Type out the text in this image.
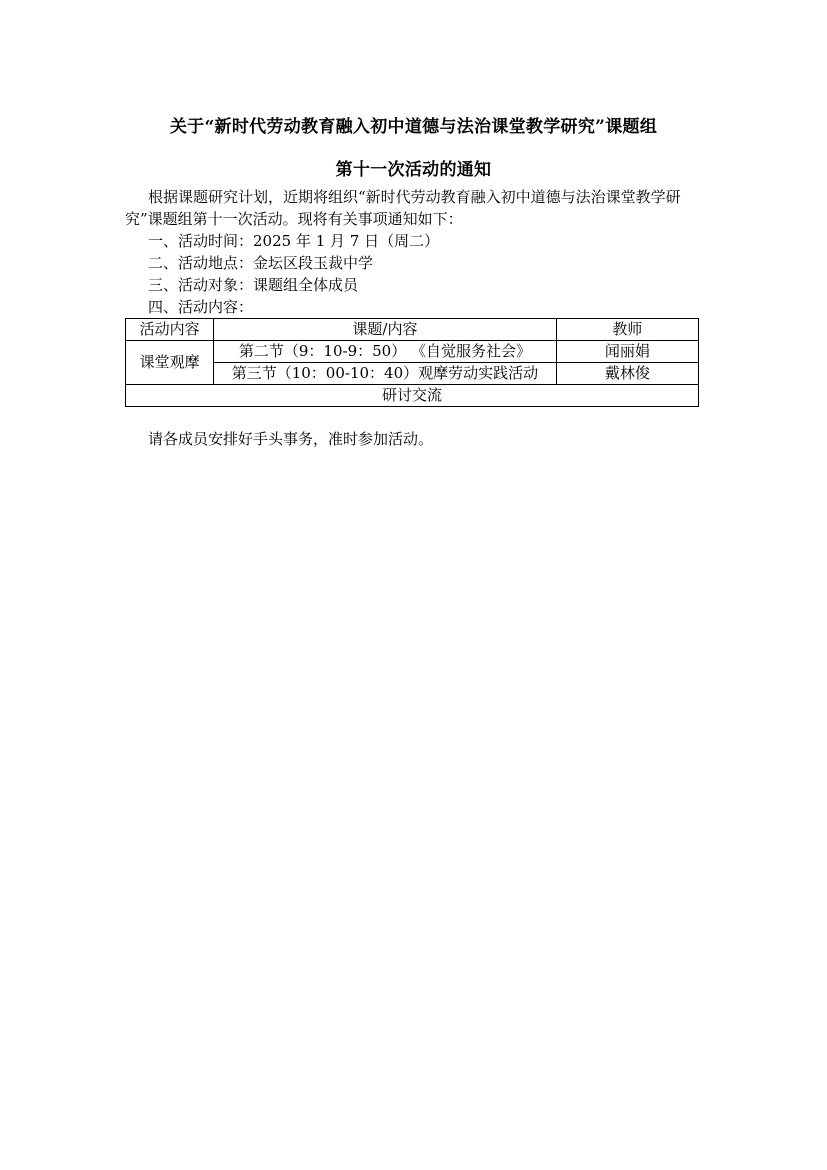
关于“新时代劳动教育融入初中道德与法治课堂教学研究”课题组
第十一次活动的通知
根据课题研究计划，近期将组织“新时代劳动教育融入初中道德与法治课堂教学研究”课题组第十一次活动。现将有关事项通知如下：
一、活动时间：2025 年 1 月 7 日（周二）
二、活动地点：金坛区段玉裁中学
三、活动对象：课题组全体成员
四、活动内容：
活动内容	课题/内容	教师
课堂观摩	第二节（9：10-9：50） 《自觉服务社会》	闻丽娟
	第三节（10：00-10：40）观摩劳动实践活动	戴林俊
研讨交流		
请各成员安排好手头事务，准时参加活动。
